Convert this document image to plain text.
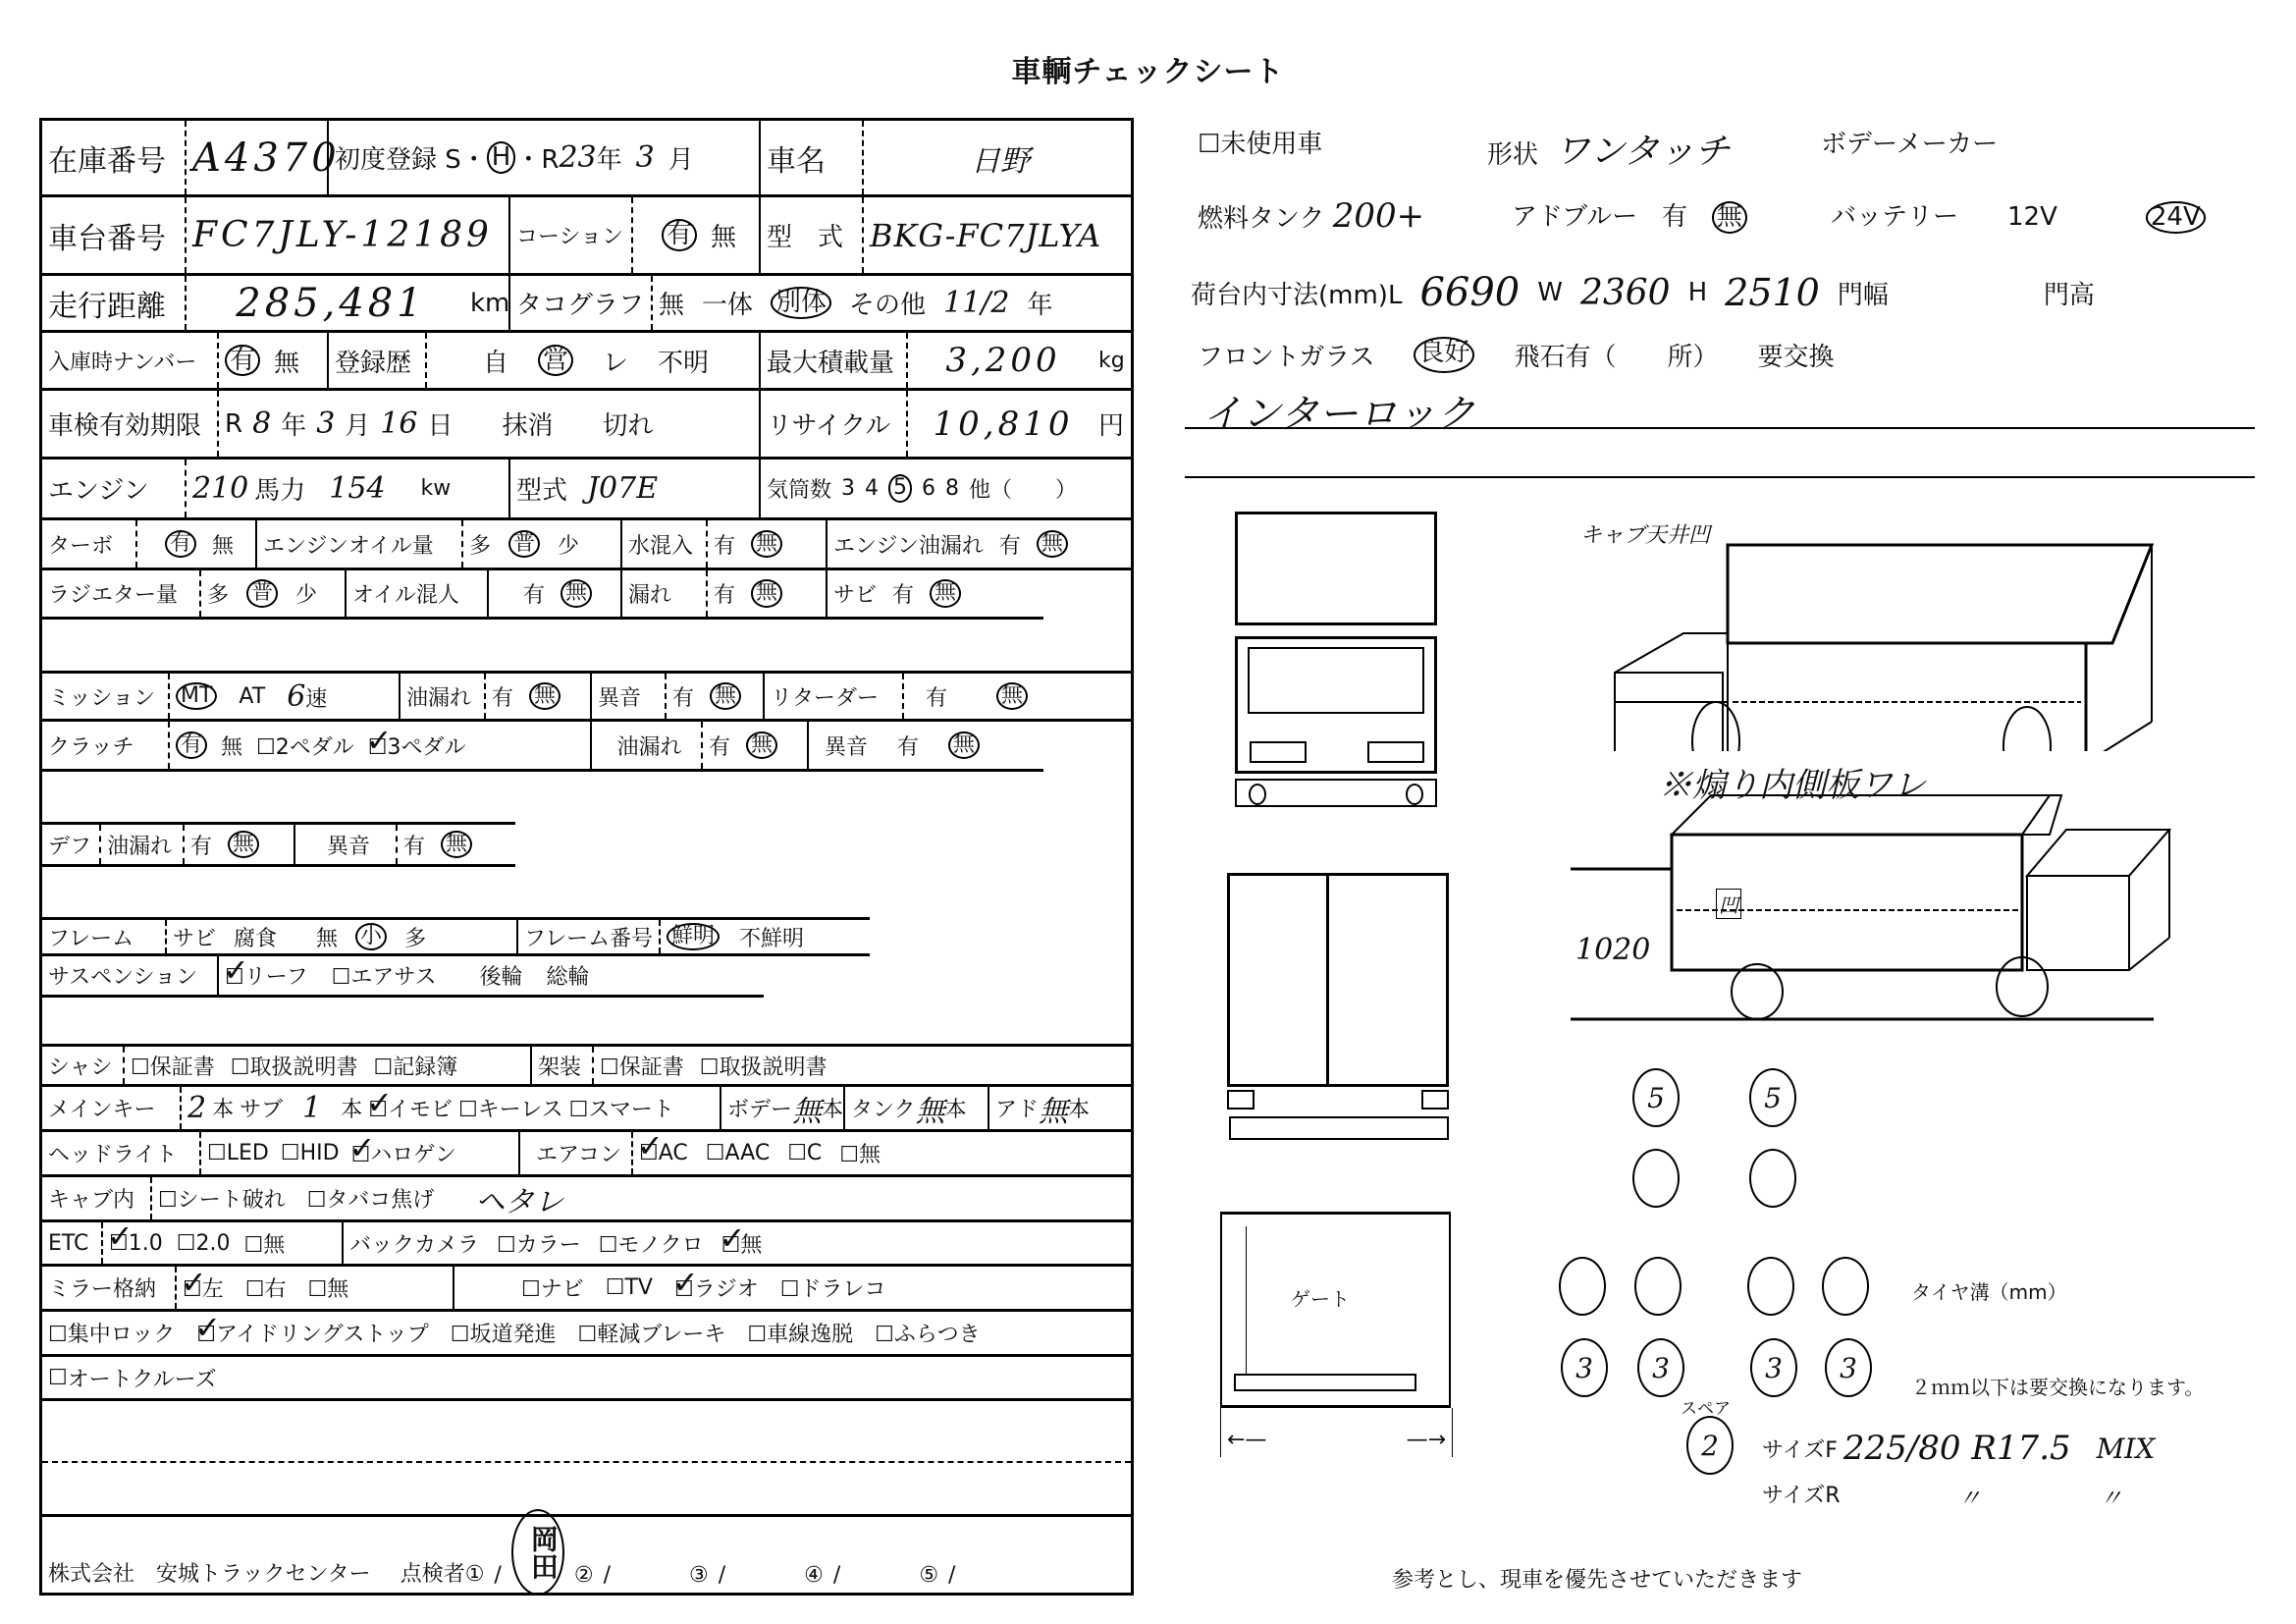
車輌チェックシート
在庫番号 A4370
初度登録 S・ H ・R 23 年 3 月 車名	日野
車台番号 FC7JLY-12189	コーション	有 無	型　式 BKG-FC7JLYA
走行距離	285,481	km タコグラフ 無 一体 別体 その他 11/2 年
入庫時ナンバー	有 無	登録歴	自 営 レ 不明	最大積載量	3,200	kg
車検有効期限 R 8 年 3 月 16 日 抹消 切れ	リサイクル	10,810 円
エンジン	210 馬力 154 kw	型式 J07E	気筒数 3 4 5 6 8 他（　　）
ターボ	有 無	エンジンオイル量	多 普 少	水混入 有 無	エンジン油漏れ 有 無
ラジエター量	多 普 少	オイル混人	有 無	漏れ	有 無	サビ 有 無
ミッション	MT AT 6速	油漏れ 有 無	異音	有 無	リターダー	有	無
クラッチ	有 無 ☐2ペダル ☐ ✓3ペダル	油漏れ	有 無 異音 有 無
デフ 油漏れ 有 無	異音	有 無
フレーム	サビ 腐食 無 小 多	フレーム番号 鮮明 不鮮明
サスペンション	☐ ✓リーフ ☐エアサス 後輪 総輪
シャシ ☐保証書 ☐取扱説明書 ☐記録簿	架装 ☐保証書 ☐取扱説明書
メインキー	2 本 サブ 1 本 ☐ ✓イモビ ☐キーレス ☐スマート ボデー 無 本 タンク 無 本 アド 無 本
ヘッドライト	☐LED ☐HID ☐ ✓ハロゲン	エアコン ☐ ✓AC ☐AAC ☐C ☐無
キャブ内	☐シート破れ ☐タバコ焦げ ヘタレ
ETC ☐ ✓1.0 ☐2.0 ☐無	バックカメラ ☐カラー ☐モノクロ ☐ ✓無
ミラー格納	☐ ✓左 ☐右 ☐無	☐ナビ ☐TV ☐ ✓ラジオ ☐ドラレコ
☐集中ロック ☐ ✓アイドリングストップ ☐坂道発進 ☐軽減ブレーキ ☐車線逸脱 ☐ふらつき
☐ オートクルーズ
株式会社　安城トラックセンター 点検者① / 岡田 ② /	③ /	④ /	⑤ /
☐未使用車	形状 ワンタッチ	ボデーメーカー
燃料タンク 200+	アドブルー 有 無	バッテリー 12V	24V
荷台内寸法(mm)L 6690 W 2360 H 2510 門幅	門高
フロントガラス 良好 飛石有（　　所） 要交換
インターロック
ゲート
←—	—→
キャブ天井凹
※煽り内側板ワレ
1020
凹
5	5
タイヤ溝（mm）
3	3	3	3
２ｍｍ以下は要交換になります。
スペア
2	サイズF 225/80 R17.5 MIX
サイズR	〃	〃
参考とし、現車を優先させていただきます
